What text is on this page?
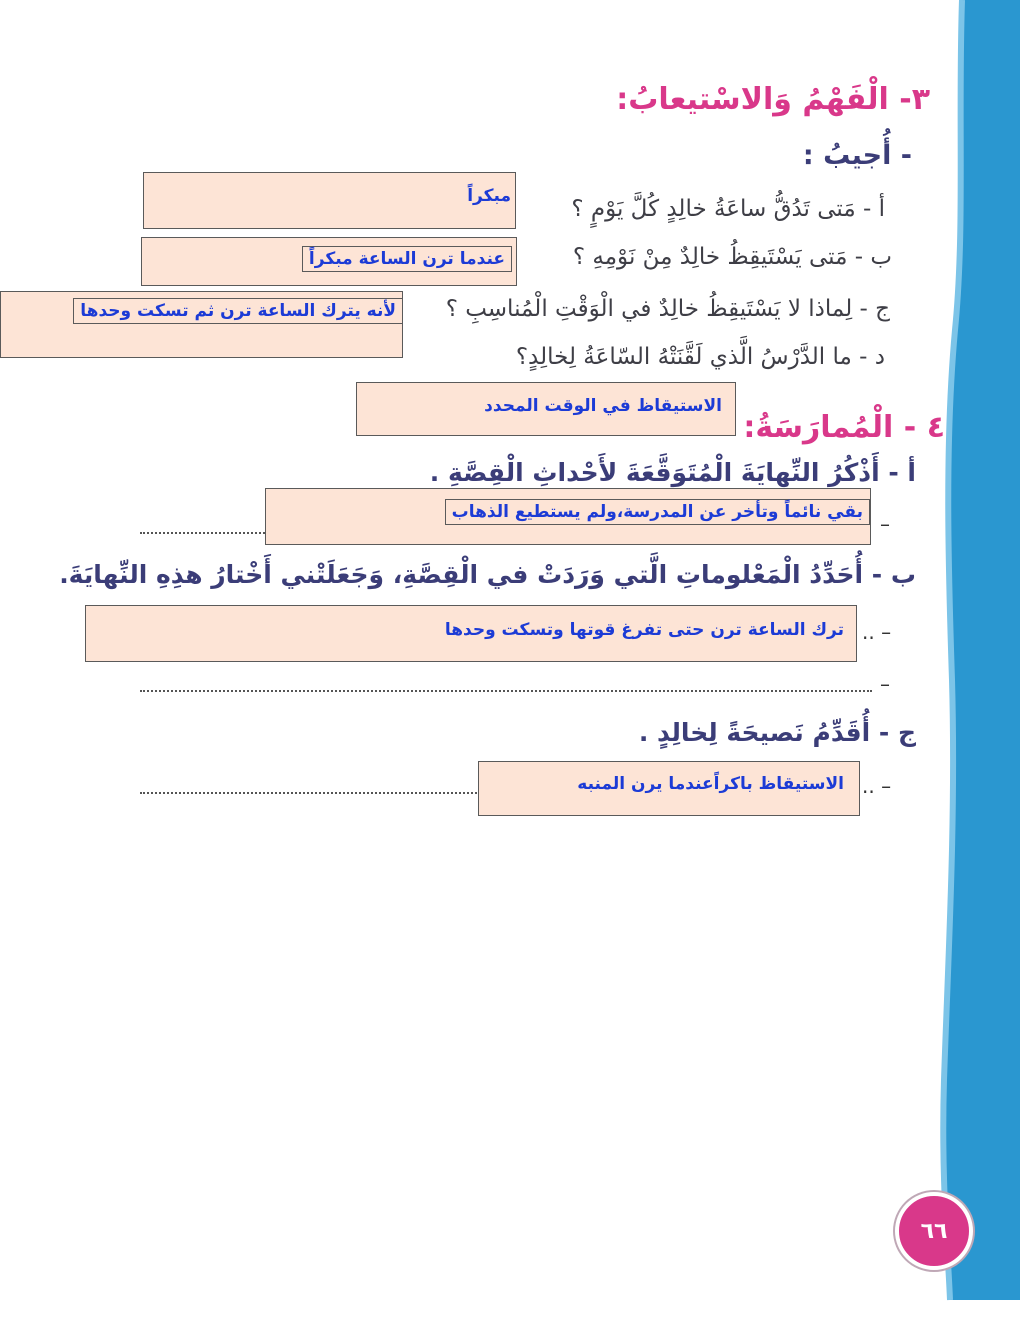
٣- الْفَهْمُ وَالاسْتيعابُ:
- أُجيبُ :
أ - مَتى تَدُقُّ ساعَةُ خالِدٍ كُلَّ يَوْمٍ ؟
مبكراً
ب - مَتى يَسْتَيقِظُ خالِدٌ مِنْ نَوْمِهِ ؟
عندما ترن الساعة مبكراً
ج - لِماذا لا يَسْتَيقِظُ خالِدٌ في الْوَقْتِ الْمُناسِبِ ؟
لأنه يترك الساعة ترن ثم تسكت وحدها
د - ما الدَّرْسُ الَّذي لَقَّنَتْهُ السّاعَةُ لِخالِدٍ؟
الاستيقاظ في الوقت المحدد
٤ - الْمُمارَسَةُ:
أ - أَذْكُرُ النِّهايَةَ الْمُتَوَقَّعَةَ لأَحْداثِ الْقِصَّةِ .
–
بقي نائماً وتأخر عن المدرسة،ولم يستطيع الذهاب
ب - أُحَدِّدُ الْمَعْلوماتِ الَّتي وَرَدَتْ في الْقِصَّةِ، وَجَعَلَتْني أَخْتارُ هذِهِ النِّهايَةَ.
.. –
ترك الساعة ترن حتى تفرغ قوتها وتسكت وحدها
–
ج - أُقَدِّمُ نَصيحَةً لِخالِدٍ .
.. –
الاستيقاظ باكراًعندما يرن المنبه
٦٦
